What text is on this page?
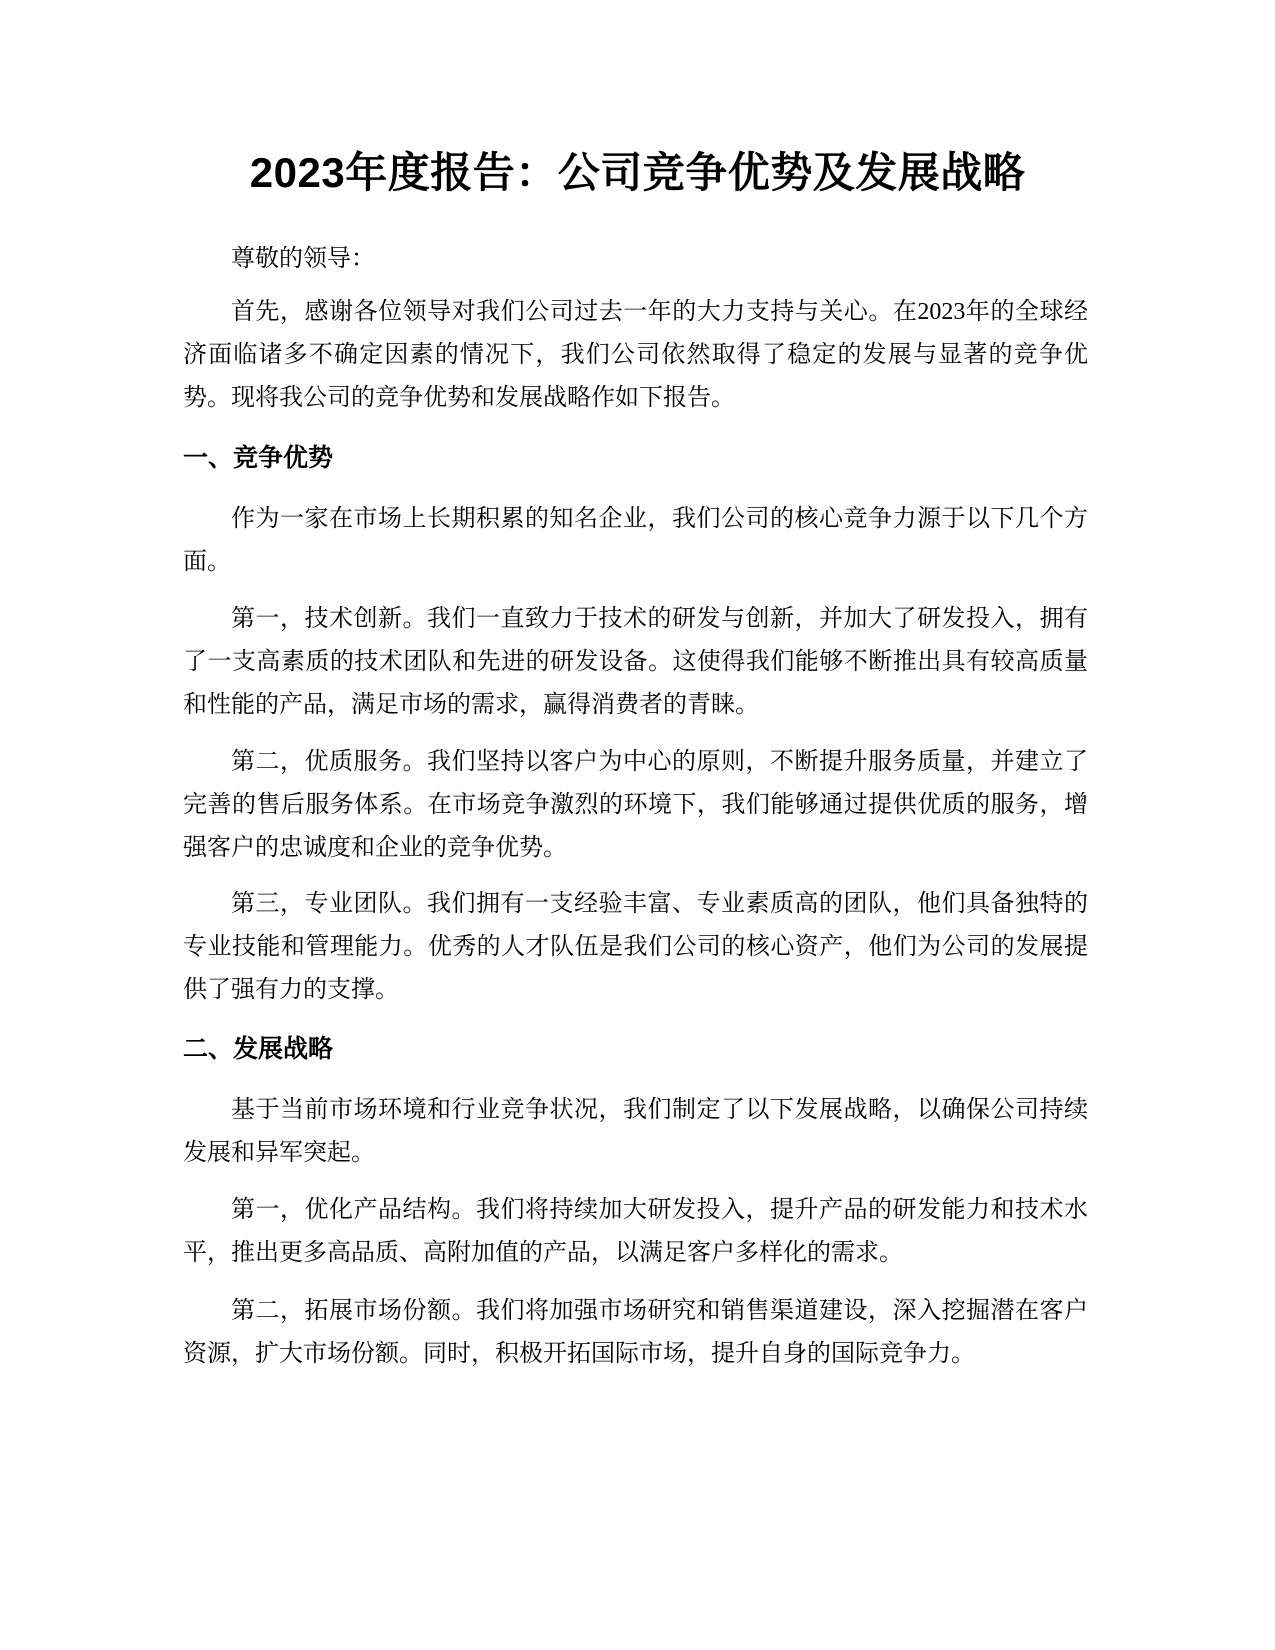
2023年度报告：公司竞争优势及发展战略

尊敬的领导：

首先，感谢各位领导对我们公司过去一年的大力支持与关心。在2023年的全球经济面临诸多不确定因素的情况下，我们公司依然取得了稳定的发展与显著的竞争优势。现将我公司的竞争优势和发展战略作如下报告。

一、竞争优势

作为一家在市场上长期积累的知名企业，我们公司的核心竞争力源于以下几个方面。

第一，技术创新。我们一直致力于技术的研发与创新，并加大了研发投入，拥有了一支高素质的技术团队和先进的研发设备。这使得我们能够不断推出具有较高质量和性能的产品，满足市场的需求，赢得消费者的青睐。

第二，优质服务。我们坚持以客户为中心的原则，不断提升服务质量，并建立了完善的售后服务体系。在市场竞争激烈的环境下，我们能够通过提供优质的服务，增强客户的忠诚度和企业的竞争优势。

第三，专业团队。我们拥有一支经验丰富、专业素质高的团队，他们具备独特的专业技能和管理能力。优秀的人才队伍是我们公司的核心资产，他们为公司的发展提供了强有力的支撑。

二、发展战略

基于当前市场环境和行业竞争状况，我们制定了以下发展战略，以确保公司持续发展和异军突起。

第一，优化产品结构。我们将持续加大研发投入，提升产品的研发能力和技术水平，推出更多高品质、高附加值的产品，以满足客户多样化的需求。

第二，拓展市场份额。我们将加强市场研究和销售渠道建设，深入挖掘潜在客户资源，扩大市场份额。同时，积极开拓国际市场，提升自身的国际竞争力。
